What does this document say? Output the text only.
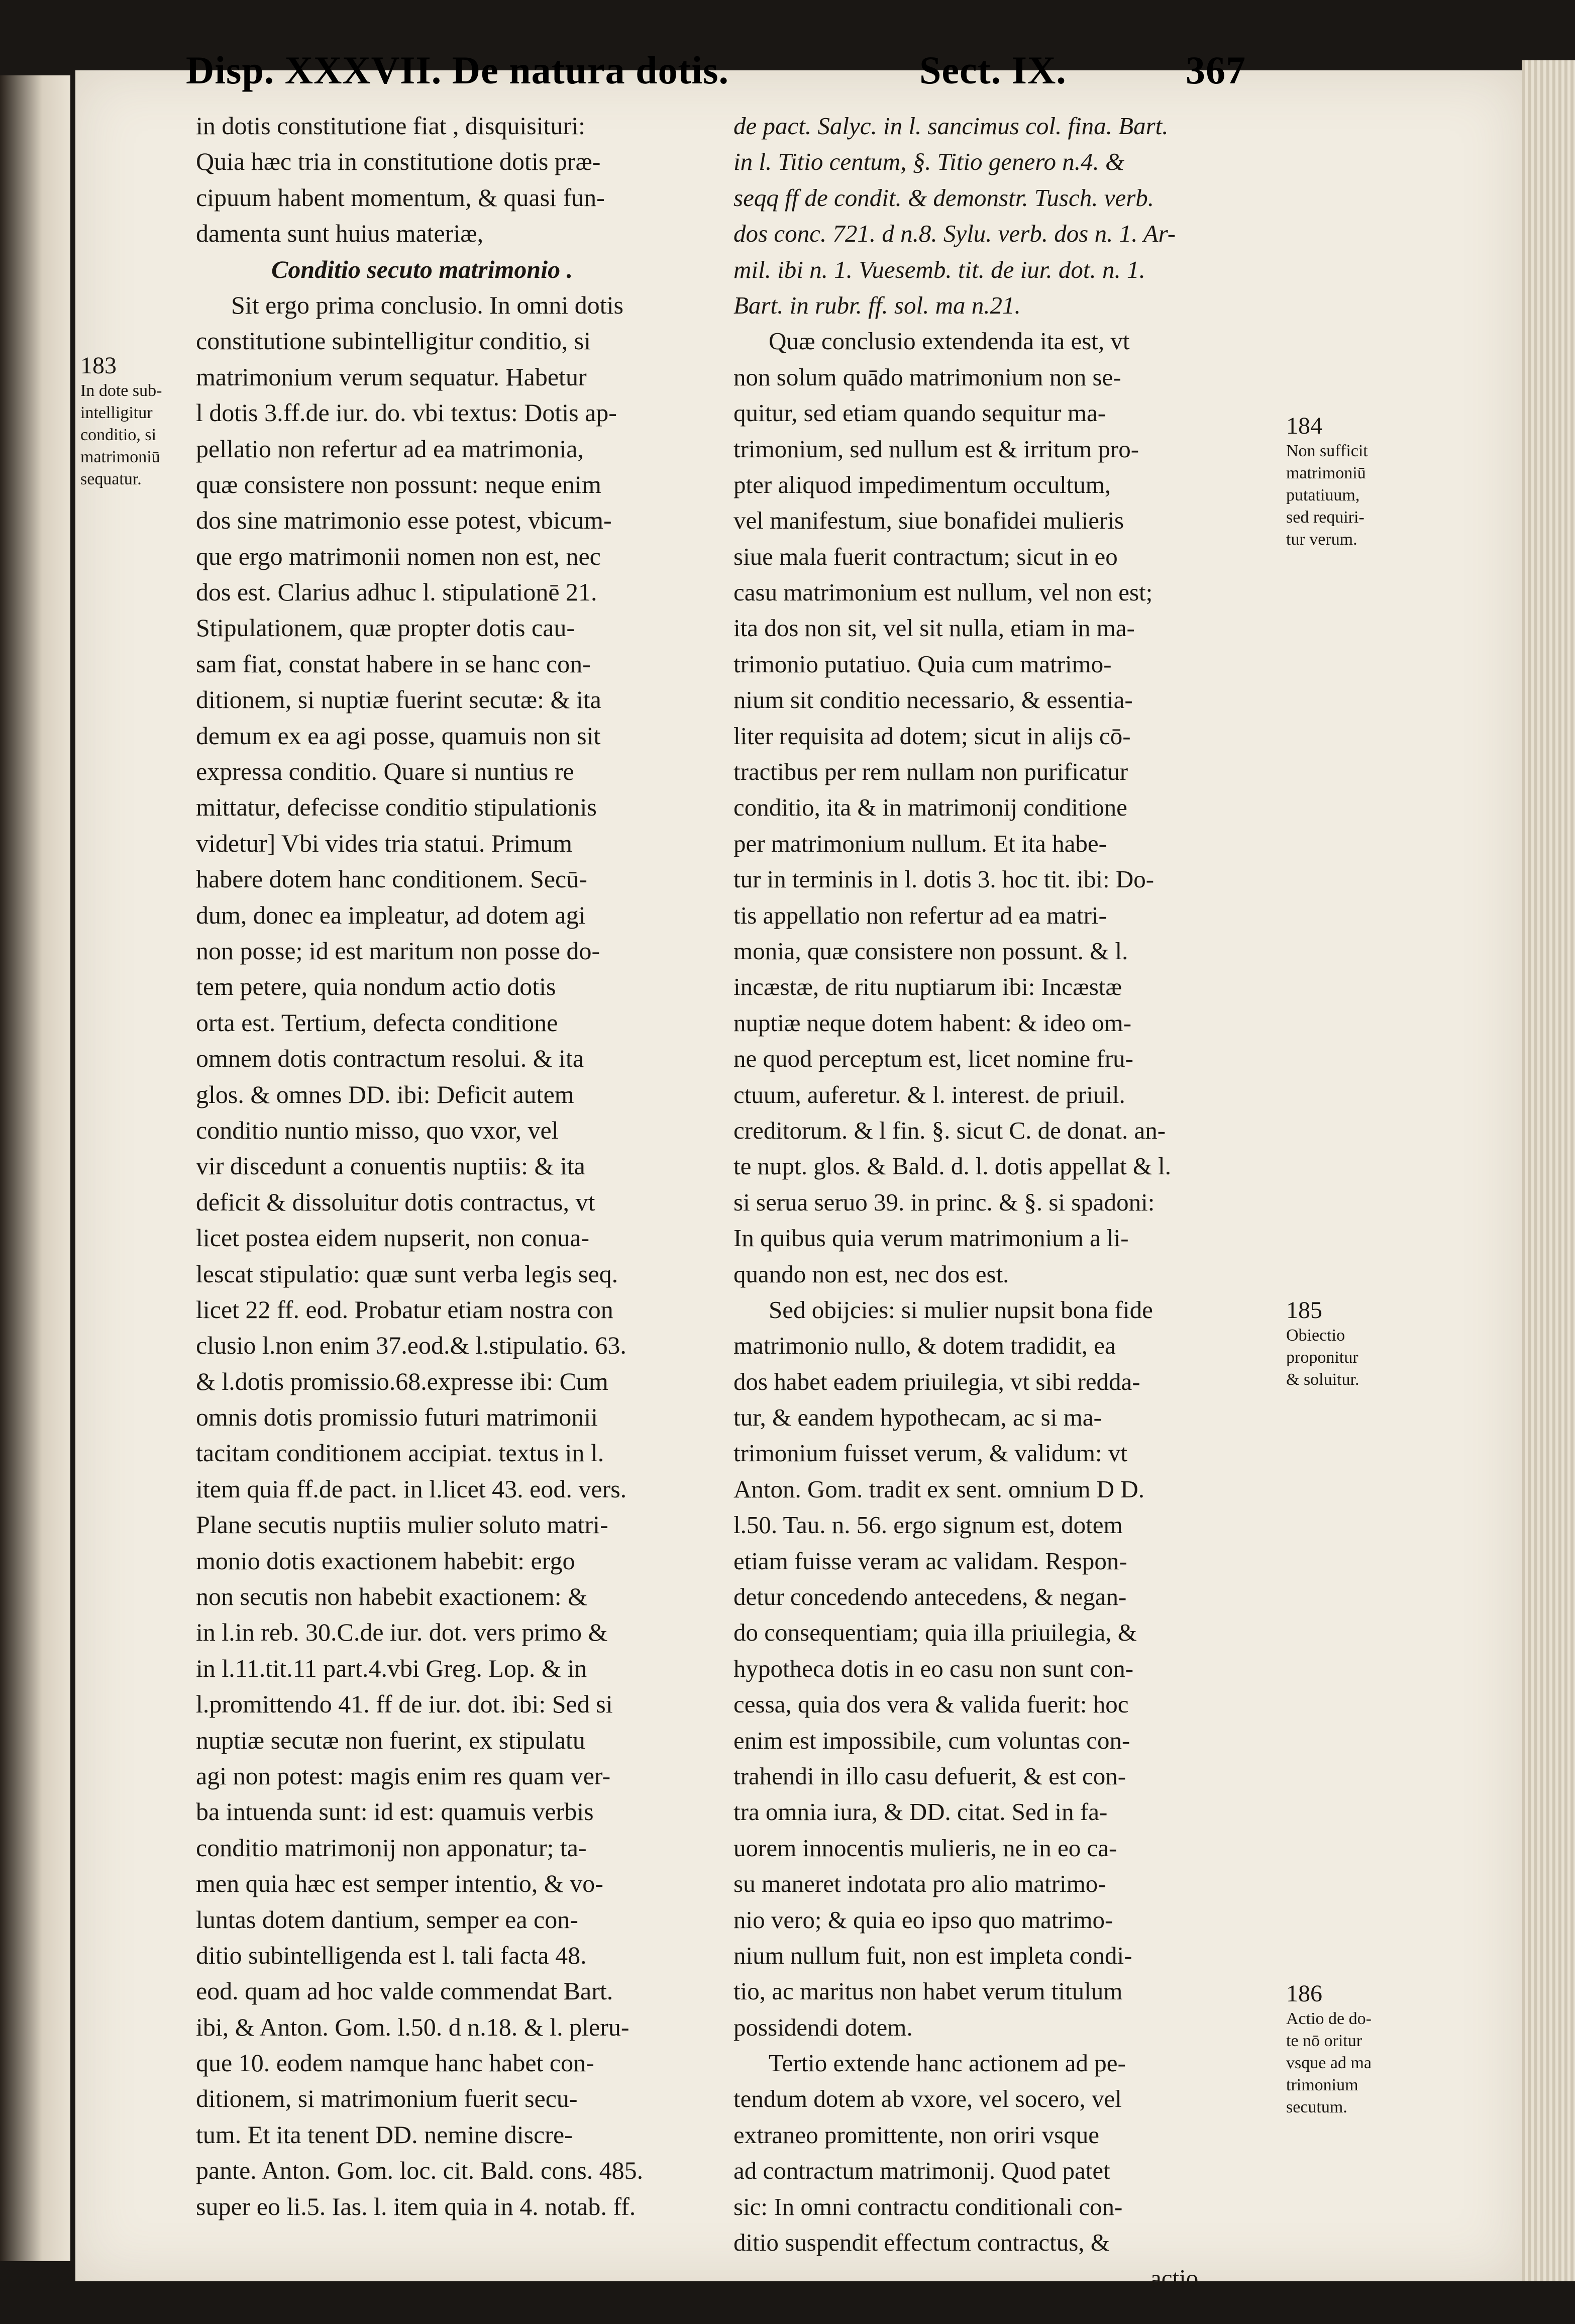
Disp. XXXVII. De natura dotis.	Sect. IX.	367
in dotis constitutione fiat , disquisituri:
Quia hæc tria in constitutione dotis præ-
cipuum habent momentum, & quasi fun-
damenta sunt huius materiæ,
Conditio secuto matrimonio .
Sit ergo prima conclusio. In omni dotis
constitutione subintelligitur conditio, si
matrimonium verum sequatur. Habetur
l dotis 3.ff.de iur. do. vbi textus: Dotis ap-
pellatio non refertur ad ea matrimonia,
quæ consistere non possunt: neque enim
dos sine matrimonio esse potest, vbicum-
que ergo matrimonii nomen non est, nec
dos est. Clarius adhuc l. stipulationē 21.
Stipulationem, quæ propter dotis cau-
sam fiat, constat habere in se hanc con-
ditionem, si nuptiæ fuerint secutæ: & ita
demum ex ea agi posse, quamuis non sit
expressa conditio. Quare si nuntius re
mittatur, defecisse conditio stipulationis
videtur] Vbi vides tria statui. Primum
habere dotem hanc conditionem. Secū-
dum, donec ea impleatur, ad dotem agi
non posse; id est maritum non posse do-
tem petere, quia nondum actio dotis
orta est. Tertium, defecta conditione
omnem dotis contractum resolui. & ita
glos. & omnes DD. ibi: Deficit autem
conditio nuntio misso, quo vxor, vel
vir discedunt a conuentis nuptiis: & ita
deficit & dissoluitur dotis contractus, vt
licet postea eidem nupserit, non conua-
lescat stipulatio: quæ sunt verba legis seq.
licet 22 ff. eod. Probatur etiam nostra con
clusio l.non enim 37.eod.& l.stipulatio. 63.
& l.dotis promissio.68.expresse ibi: Cum
omnis dotis promissio futuri matrimonii
tacitam conditionem accipiat. textus in l.
item quia ff.de pact. in l.licet 43. eod. vers.
Plane secutis nuptiis mulier soluto matri-
monio dotis exactionem habebit: ergo
non secutis non habebit exactionem: &
in l.in reb. 30.C.de iur. dot. vers primo &
in l.11.tit.11 part.4.vbi Greg. Lop. & in
l.promittendo 41. ff de iur. dot. ibi: Sed si
nuptiæ secutæ non fuerint, ex stipulatu
agi non potest: magis enim res quam ver-
ba intuenda sunt: id est: quamuis verbis
conditio matrimonij non apponatur; ta-
men quia hæc est semper intentio, & vo-
luntas dotem dantium, semper ea con-
ditio subintelligenda est l. tali facta 48.
eod. quam ad hoc valde commendat Bart.
ibi, & Anton. Gom. l.50. d n.18. & l. pleru-
que 10. eodem namque hanc habet con-
ditionem, si matrimonium fuerit secu-
tum. Et ita tenent DD. nemine discre-
pante. Anton. Gom. loc. cit. Bald. cons. 485.
super eo li.5. Ias. l. item quia in 4. notab. ff.
de pact. Salyc. in l. sancimus col. fina. Bart.
in l. Titio centum, §. Titio genero n.4. &
seqq ff de condit. & demonstr. Tusch. verb.
dos conc. 721. d n.8. Sylu. verb. dos n. 1. Ar-
mil. ibi n. 1. Vuesemb. tit. de iur. dot. n. 1.
Bart. in rubr. ff. sol. ma n.21.
Quæ conclusio extendenda ita est, vt
non solum quādo matrimonium non se-
quitur, sed etiam quando sequitur ma-
trimonium, sed nullum est & irritum pro-
pter aliquod impedimentum occultum,
vel manifestum, siue bonafidei mulieris
siue mala fuerit contractum; sicut in eo
casu matrimonium est nullum, vel non est;
ita dos non sit, vel sit nulla, etiam in ma-
trimonio putatiuo. Quia cum matrimo-
nium sit conditio necessario, & essentia-
liter requisita ad dotem; sicut in alijs cō-
tractibus per rem nullam non purificatur
conditio, ita & in matrimonij conditione
per matrimonium nullum. Et ita habe-
tur in terminis in l. dotis 3. hoc tit. ibi: Do-
tis appellatio non refertur ad ea matri-
monia, quæ consistere non possunt. & l.
incæstæ, de ritu nuptiarum ibi: Incæstæ
nuptiæ neque dotem habent: & ideo om-
ne quod perceptum est, licet nomine fru-
ctuum, auferetur. & l. interest. de priuil.
creditorum. & l fin. §. sicut C. de donat. an-
te nupt. glos. & Bald. d. l. dotis appellat & l.
si serua seruo 39. in princ. & §. si spadoni:
In quibus quia verum matrimonium a li-
quando non est, nec dos est.
Sed obijcies: si mulier nupsit bona fide
matrimonio nullo, & dotem tradidit, ea
dos habet eadem priuilegia, vt sibi redda-
tur, & eandem hypothecam, ac si ma-
trimonium fuisset verum, & validum: vt
Anton. Gom. tradit ex sent. omnium D D.
l.50. Tau. n. 56. ergo signum est, dotem
etiam fuisse veram ac validam. Respon-
detur concedendo antecedens, & negan-
do consequentiam; quia illa priuilegia, &
hypotheca dotis in eo casu non sunt con-
cessa, quia dos vera & valida fuerit: hoc
enim est impossibile, cum voluntas con-
trahendi in illo casu defuerit, & est con-
tra omnia iura, & DD. citat. Sed in fa-
uorem innocentis mulieris, ne in eo ca-
su maneret indotata pro alio matrimo-
nio vero; & quia eo ipso quo matrimo-
nium nullum fuit, non est impleta condi-
tio, ac maritus non habet verum titulum
possidendi dotem.
Tertio extende hanc actionem ad pe-
tendum dotem ab vxore, vel socero, vel
extraneo promittente, non oriri vsque
ad contractum matrimonij. Quod patet
sic: In omni contractu conditionali con-
ditio suspendit effectum contractus, &
actio
183
In dote sub-
intelligitur
conditio, si
matrimoniū
sequatur.
184
Non sufficit
matrimoniū
putatiuum,
sed requiri-
tur verum.
185
Obiectio
proponitur
& soluitur.
186
Actio de do-
te nō oritur
vsque ad ma
trimonium
secutum.
